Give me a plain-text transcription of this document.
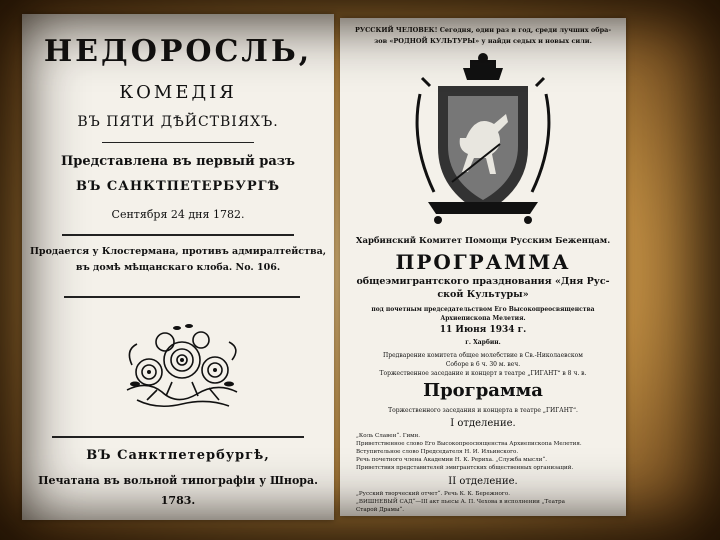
НЕДОРОСЛЬ,
КОМЕДІЯ
ВЪ ПЯТИ ДѢЙСТВІЯХЪ.
Представлена въ первый разъ
ВЪ САНКТПЕТЕРБУРГѢ
Сентября 24 дня 1782.
Продается у Клостермана, противъ адмиралтейства,
въ домѣ мѣщанскаго клоба. No. 106.
ВЪ Санктпетербургѣ,
Печатана въ вольной типографіи у Шнора.
1783.
РУССКИЙ ЧЕЛОВЕК! Сегодня, один раз в год, среди лучших обра-
зов «РОДНОЙ КУЛЬТУРЫ» у найди седых и новых сили.
Харбинский Комитет Помощи Русским Беженцам.
ПРОГРАММА
общеэмигрантского празднования «Дня Рус-
ской Культуры»
под почетным председательством Его Высокопреосвященства
Архиепископа Мелетия.
11 Июня 1934 г.
г. Харбин.
Предварение комитета общее молебствие в Св.-Николаевском
Соборе в 6 ч. 30 м. веч.
Торжественное заседание и концерт в театре „ГИГАНТ“ в 8 ч. в.
Программа
Торжественного заседания и концерта в театре „ГИГАНТ“.
I отделение.
„Коль Славен“. Гимн.
Приветственное слово Его Высокопреосвященства Архиепископа Мелетия.
Вступительное слово Председателя Н. И. Ильинского.
Речь почетного члена Академии Н. К. Рериха. „Служба мысли“.
Приветствия представителей эмигрантских общественных организаций.
II отделение.
„Русский творческий отчет“. Речь К. К. Бережного.
„ВИШНЕВЫЙ САД“—III акт пьесы А. П. Чехова в исполнении „Театра
Старой Драмы“.
